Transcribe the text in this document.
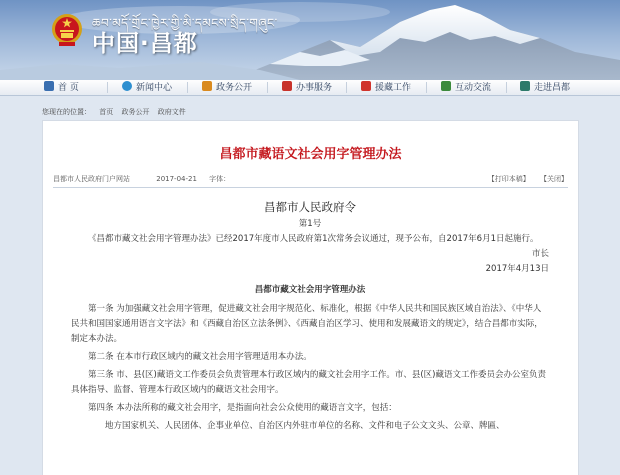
ཆབ་མདོ་གྲོང་ཁྱེར་གྱི་མི་དམངས་སྲིད་གཞུང་
中国·昌都
首 页	新闻中心	政务公开	办事服务	援藏工作	互动交流	走进昌都
您现在的位置： 首页 政务公开 政府文件
昌都市藏语文社会用字管理办法
昌都市人民政府门户网站	2017-04-21 字体：	【打印本稿】 【关闭】

昌都市人民政府令

第1号

《昌都市藏文社会用字管理办法》已经2017年度市人民政府第1次常务会议通过，现予公布，自2017年6月1日起施行。

市长

2017年4月13日

昌都市藏文社会用字管理办法

第一条 为加强藏文社会用字管理，促进藏文社会用字规范化、标准化，根据《中华人民共和国民族区域自治法》、《中华人民共和国国家通用语言文字法》和《西藏自治区立法条例》、《西藏自治区学习、使用和发展藏语文的规定》，结合昌都市实际，制定本办法。

第二条 在本市行政区域内的藏文社会用字管理适用本办法。

第三条 市、县(区)藏语文工作委员会负责管理本行政区域内的藏文社会用字工作。市、县(区)藏语文工作委员会办公室负责具体指导、监督、管理本行政区域内的藏语文社会用字。

第四条 本办法所称的藏文社会用字，是指面向社会公众使用的藏语言文字，包括：

地方国家机关、人民团体、企事业单位、自治区内外驻市单位的名称、文件和电子公文文头、公章、牌匾、
